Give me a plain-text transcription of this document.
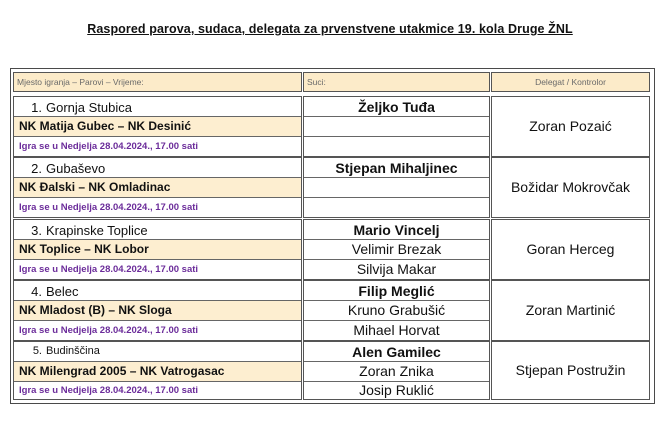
Raspored parova, sudaca, delegata za prvenstvene utakmice 19. kola Druge ŽNL
Mjesto igranja – Parovi – Vrijeme:	Suci:	Delegat / Kontrolor
1. Gornja Stubica
NK Matija Gubec – NK Desinić
Igra se u Nedjelja 28.04.2024., 17.00 sati
Željko Tuđa
Zoran Pozaić
2. Gubaševo
NK Đalski – NK Omladinac
Igra se u Nedjelja 28.04.2024., 17.00 sati
Stjepan Mihaljinec
Božidar Mokrovčak
3. Krapinske Toplice
NK Toplice – NK Lobor
Igra se u Nedjelja 28.04.2024., 17.00 sati
Mario Vincelj
Velimir Brezak
Silvija Makar
Goran Herceg
4. Belec
NK Mladost (B) – NK Sloga
Igra se u Nedjelja 28.04.2024., 17.00 sati
Filip Meglić
Kruno Grabušić
Mihael Horvat
Zoran Martinić
5. Budinščina
NK Milengrad 2005 – NK Vatrogasac
Igra se u Nedjelja 28.04.2024., 17.00 sati
Alen Gamilec
Zoran Znika
Josip Ruklić
Stjepan Postružin
